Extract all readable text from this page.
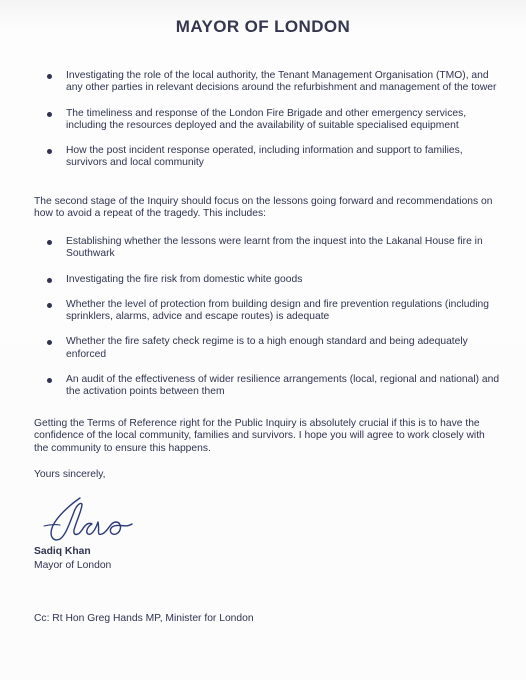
MAYOR OF LONDON
Investigating the role of the local authority, the Tenant Management Organisation (TMO), and any other parties in relevant decisions around the refurbishment and management of the tower
The timeliness and response of the London Fire Brigade and other emergency services, including the resources deployed and the availability of suitable specialised equipment
How the post incident response operated, including information and support to families, survivors and local community
The second stage of the Inquiry should focus on the lessons going forward and recommendations on how to avoid a repeat of the tragedy. This includes:
Establishing whether the lessons were learnt from the inquest into the Lakanal House fire in Southwark
Investigating the fire risk from domestic white goods
Whether the level of protection from building design and fire prevention regulations (including sprinklers, alarms, advice and escape routes) is adequate
Whether the fire safety check regime is to a high enough standard and being adequately enforced
An audit of the effectiveness of wider resilience arrangements (local, regional and national) and the activation points between them
Getting the Terms of Reference right for the Public Inquiry is absolutely crucial if this is to have the confidence of the local community, families and survivors. I hope you will agree to work closely with the community to ensure this happens.
Yours sincerely,
Sadiq Khan
Mayor of London
Cc: Rt Hon Greg Hands MP, Minister for London
